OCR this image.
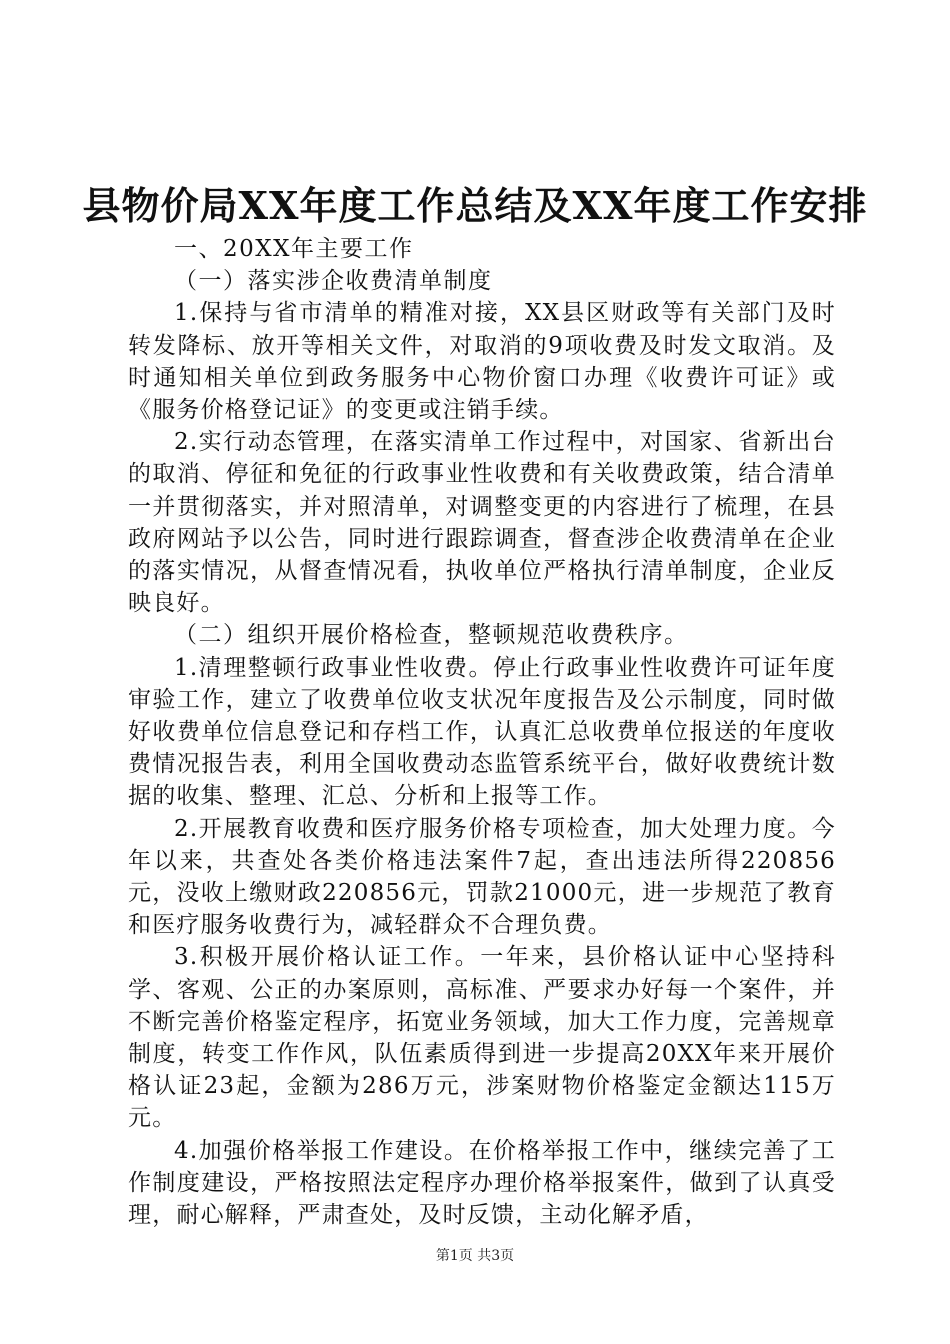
县物价局XX年度工作总结及XX年度工作安排

一、20XX年主要工作

（一）落实涉企收费清单制度

1.保持与省市清单的精准对接，XX县区财政等有关部门及时转发降标、放开等相关文件，对取消的9项收费及时发文取消。及时通知相关单位到政务服务中心物价窗口办理《收费许可证》或《服务价格登记证》的变更或注销手续。

2.实行动态管理，在落实清单工作过程中，对国家、省新出台的取消、停征和免征的行政事业性收费和有关收费政策，结合清单一并贯彻落实，并对照清单，对调整变更的内容进行了梳理，在县政府网站予以公告，同时进行跟踪调查，督查涉企收费清单在企业的落实情况，从督查情况看，执收单位严格执行清单制度，企业反映良好。

（二）组织开展价格检查，整顿规范收费秩序。

1.清理整顿行政事业性收费。停止行政事业性收费许可证年度审验工作，建立了收费单位收支状况年度报告及公示制度，同时做好收费单位信息登记和存档工作，认真汇总收费单位报送的年度收费情况报告表，利用全国收费动态监管系统平台，做好收费统计数据的收集、整理、汇总、分析和上报等工作。

2.开展教育收费和医疗服务价格专项检查，加大处理力度。今年以来，共查处各类价格违法案件7起，查出违法所得220856元，没收上缴财政220856元，罚款21000元，进一步规范了教育和医疗服务收费行为，减轻群众不合理负费。

3.积极开展价格认证工作。一年来，县价格认证中心坚持科学、客观、公正的办案原则，高标准、严要求办好每一个案件，并不断完善价格鉴定程序，拓宽业务领域，加大工作力度，完善规章制度，转变工作作风，队伍素质得到进一步提高20XX年来开展价格认证23起，金额为286万元，涉案财物价格鉴定金额达115万元。

4.加强价格举报工作建设。在价格举报工作中，继续完善了工作制度建设，严格按照法定程序办理价格举报案件，做到了认真受理，耐心解释，严肃查处，及时反馈，主动化解矛盾，

第1页 共3页
